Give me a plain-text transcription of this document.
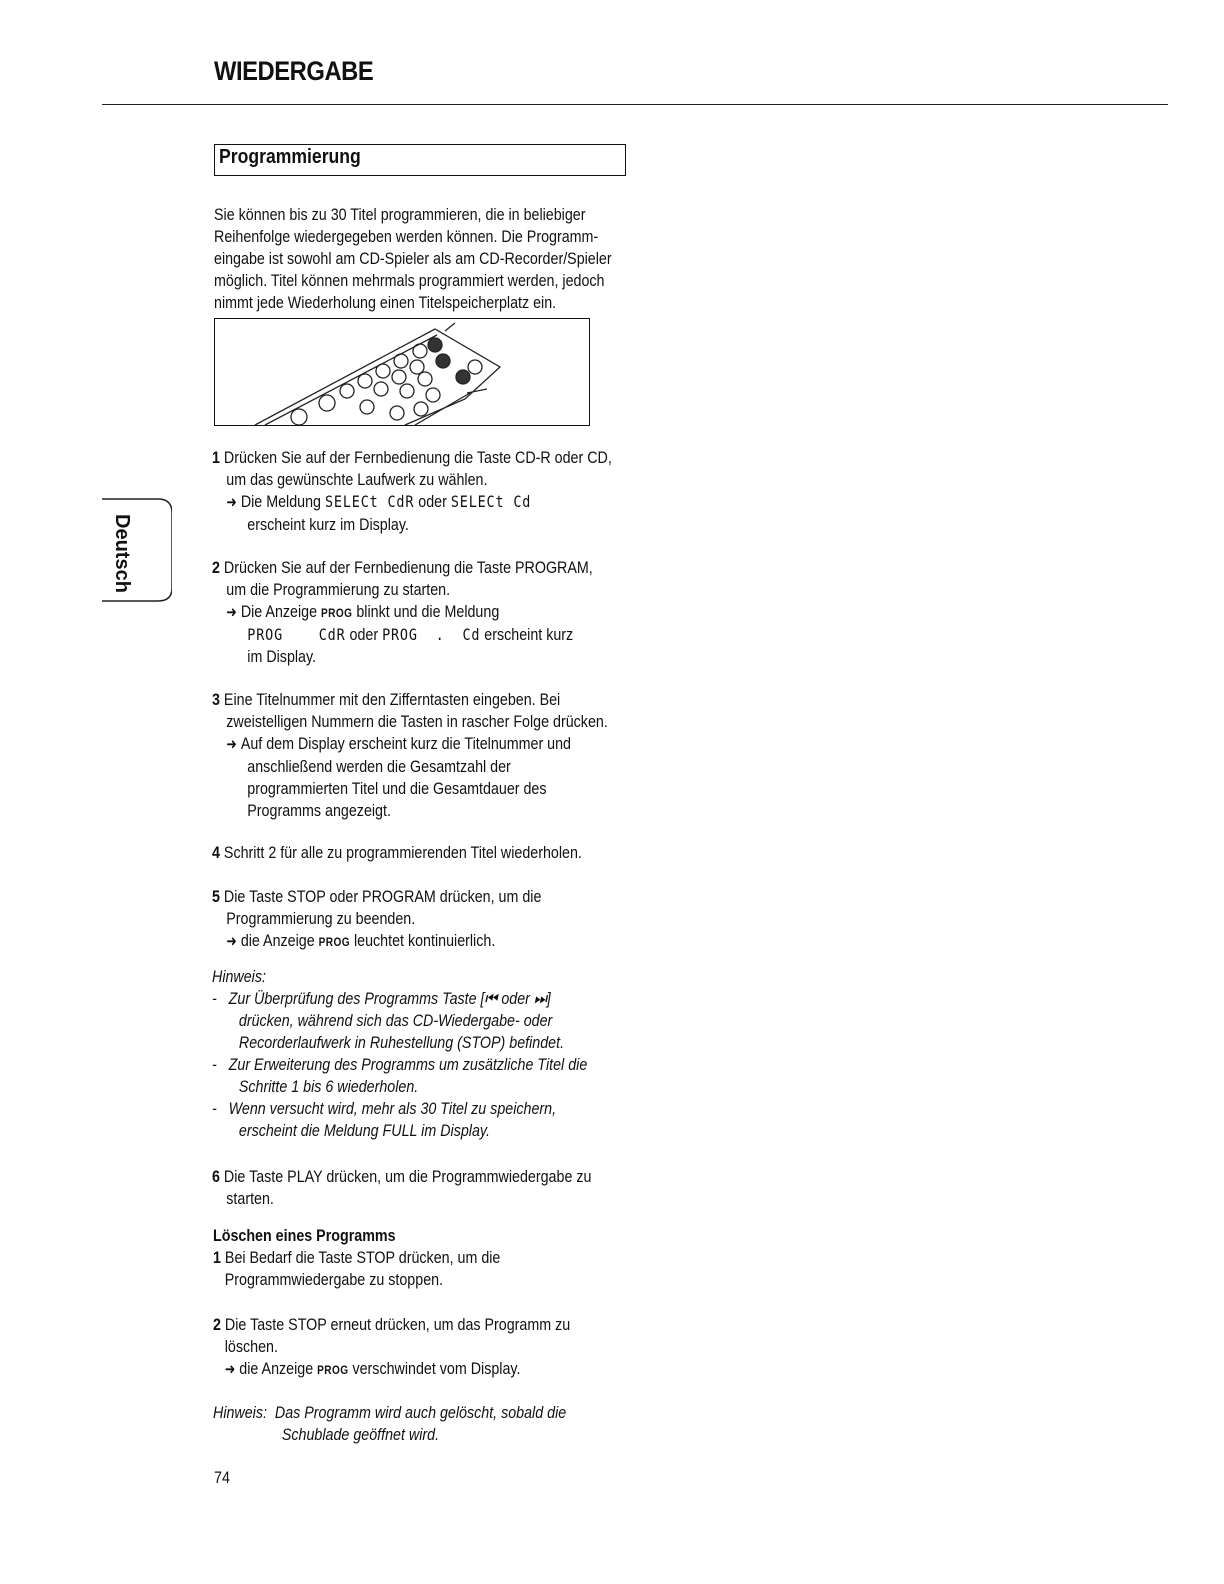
WIEDERGABE
Programmierung
Sie können bis zu 30 Titel programmieren, die in beliebiger
Reihenfolge wiedergegeben werden können. Die Programm-
eingabe ist sowohl am CD-Spieler als am CD-Recorder/Spieler
möglich. Titel können mehrmals programmiert werden, jedoch
nimmt jede Wiederholung einen Titelspeicherplatz ein.
Deutsch
1 Drücken Sie auf der Fernbedienung die Taste CD-R oder CD,
um das gewünschte Laufwerk zu wählen.
➜ Die Meldung SELECt CdR oder SELECt Cd
erscheint kurz im Display.
2 Drücken Sie auf der Fernbedienung die Taste PROGRAM,
um die Programmierung zu starten.
➜ Die Anzeige PROG blinkt und die Meldung
PROG    CdR oder PROG  .  Cd erscheint kurz
im Display.
3 Eine Titelnummer mit den Zifferntasten eingeben. Bei
zweistelligen Nummern die Tasten in rascher Folge drücken.
➜ Auf dem Display erscheint kurz die Titelnummer und
anschließend werden die Gesamtzahl der
programmierten Titel und die Gesamtdauer des
Programms angezeigt.
4 Schritt 2 für alle zu programmierenden Titel wiederholen.
5 Die Taste STOP oder PROGRAM drücken, um die
Programmierung zu beenden.
➜ die Anzeige PROG leuchtet kontinuierlich.
Hinweis:
- Zur Überprüfung des Programms Taste [⏮ oder ⏭]
drücken, während sich das CD-Wiedergabe- oder
Recorderlaufwerk in Ruhestellung (STOP) befindet.
- Zur Erweiterung des Programms um zusätzliche Titel die
Schritte 1 bis 6 wiederholen.
- Wenn versucht wird, mehr als 30 Titel zu speichern,
erscheint die Meldung FULL im Display.
6 Die Taste PLAY drücken, um die Programmwiedergabe zu
starten.
Löschen eines Programms
1 Bei Bedarf die Taste STOP drücken, um die
Programmwiedergabe zu stoppen.
2 Die Taste STOP erneut drücken, um das Programm zu
löschen.
➜ die Anzeige PROG verschwindet vom Display.
Hinweis: Das Programm wird auch gelöscht, sobald die
Schublade geöffnet wird.
74
